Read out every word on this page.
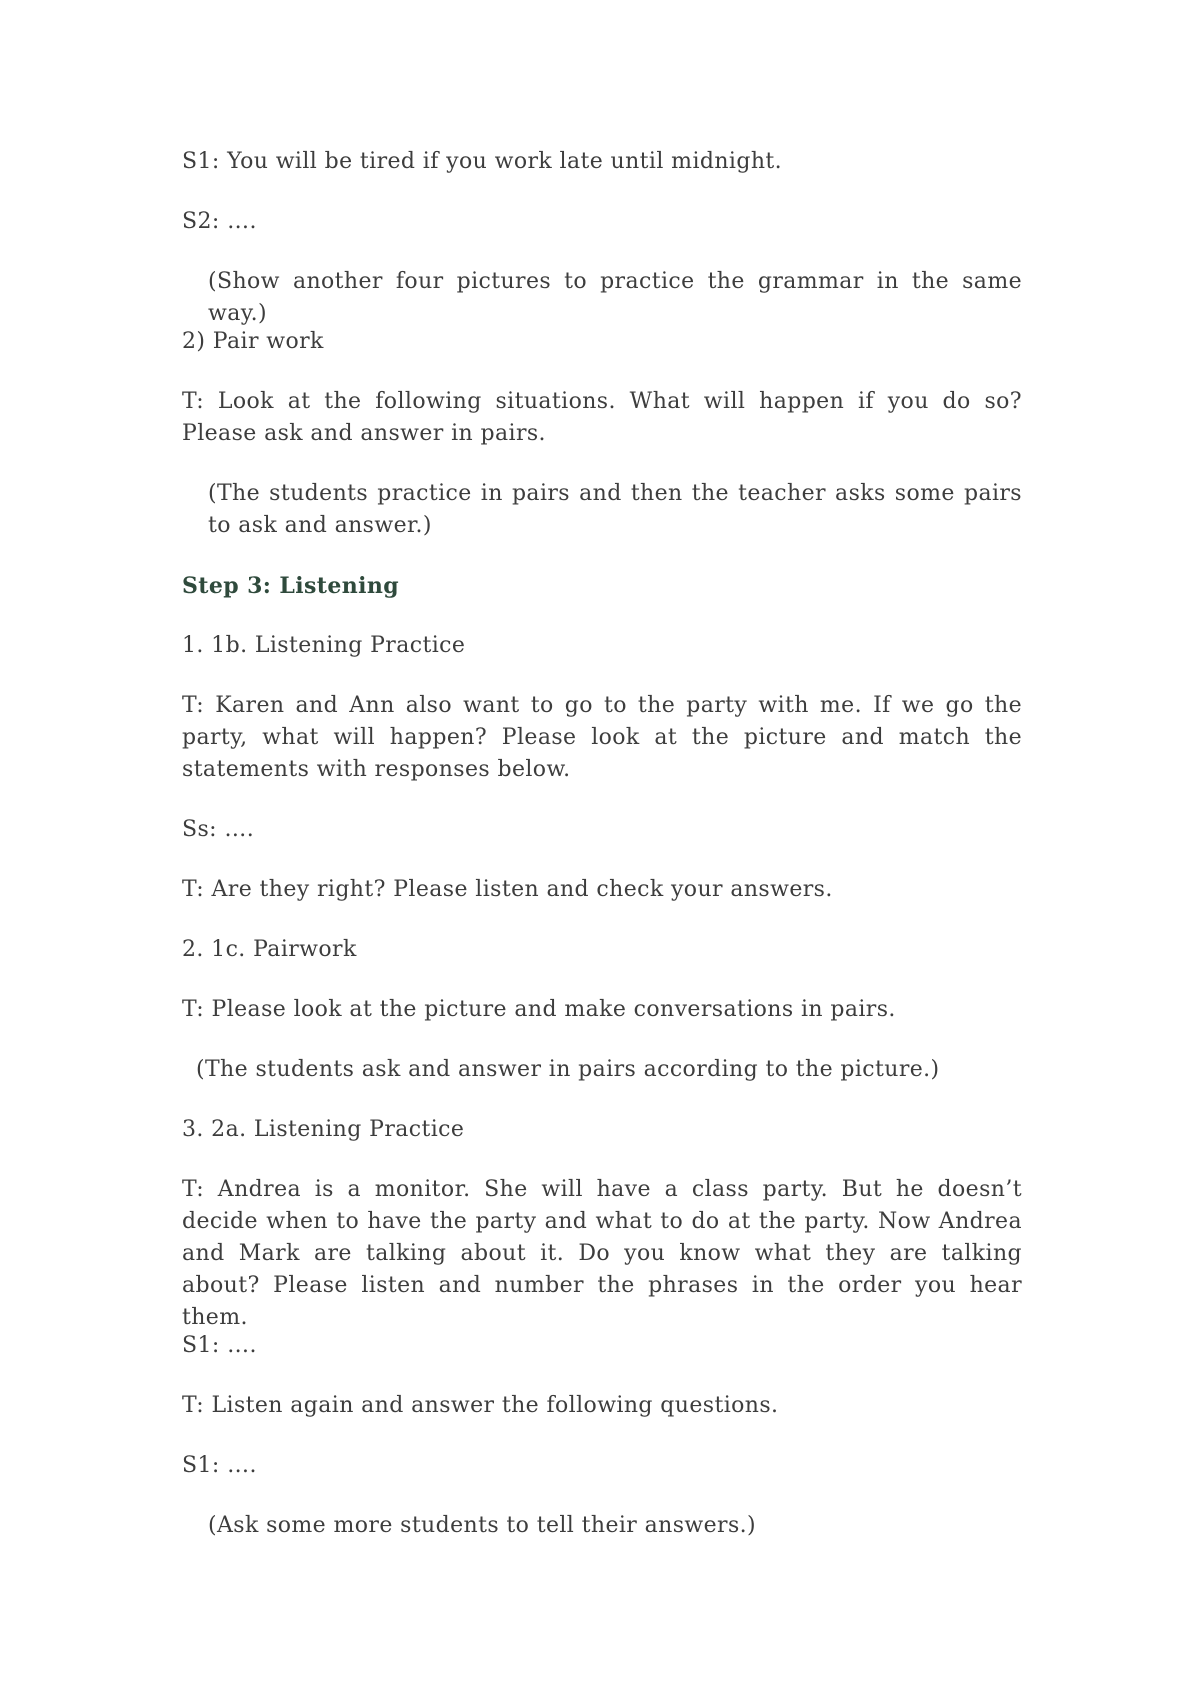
S1: You will be tired if you work late until midnight.

S2: ….

(Show another four pictures to practice the grammar in the same way.)

2) Pair work

T: Look at the following situations. What will happen if you do so? Please ask and answer in pairs.

(The students practice in pairs and then the teacher asks some pairs to ask and answer.)

Step 3: Listening

1. 1b. Listening Practice

T: Karen and Ann also want to go to the party with me. If we go the party, what will happen? Please look at the picture and match the statements with responses below.

Ss: ….

T: Are they right? Please listen and check your answers.

2. 1c. Pairwork

T: Please look at the picture and make conversations in pairs.

(The students ask and answer in pairs according to the picture.)

3. 2a. Listening Practice

T: Andrea is a monitor. She will have a class party. But he doesn’t decide when to have the party and what to do at the party. Now Andrea and Mark are talking about it. Do you know what they are talking about? Please listen and number the phrases in the order you hear them.

S1: ….

T: Listen again and answer the following questions.

S1: ….

(Ask some more students to tell their answers.)
